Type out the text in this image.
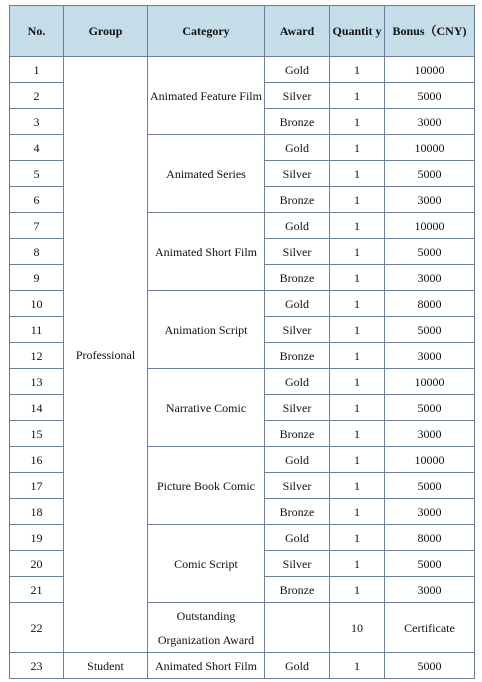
No.	Group	Category	Award	Quantit y	Bonus（CNY)
1	Professional	Animated Feature Film	Gold	1	10000
2			Silver	1	5000
3			Bronze	1	3000
4		Animated Series	Gold	1	10000
5			Silver	1	5000
6			Bronze	1	3000
7		Animated Short Film	Gold	1	10000
8			Silver	1	5000
9			Bronze	1	3000
10		Animation Script	Gold	1	8000
11			Silver	1	5000
12			Bronze	1	3000
13		Narrative Comic	Gold	1	10000
14			Silver	1	5000
15			Bronze	1	3000
16		Picture Book Comic	Gold	1	10000
17			Silver	1	5000
18			Bronze	1	3000
19		Comic Script	Gold	1	8000
20			Silver	1	5000
21			Bronze	1	3000
22		Outstanding Organization Award		10	Certificate
23	Student	Animated Short Film	Gold	1	5000
